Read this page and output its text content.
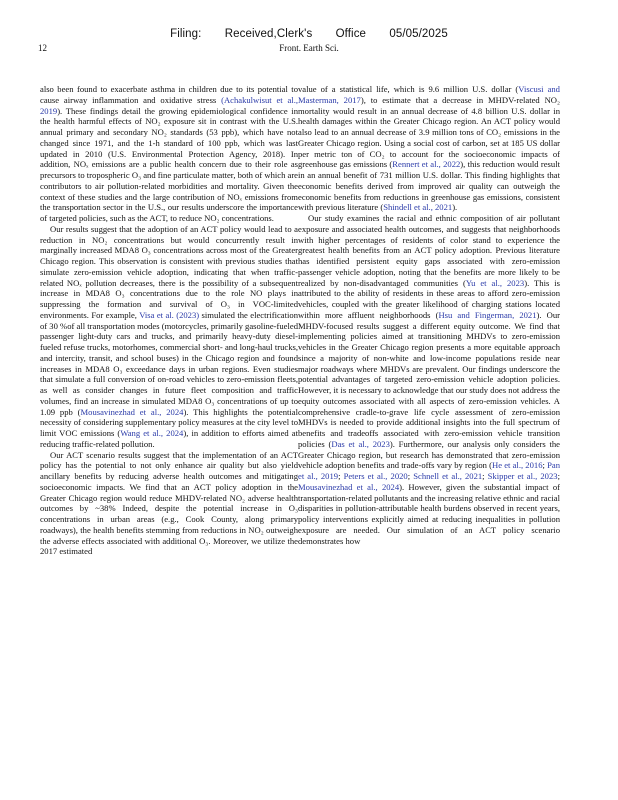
Filing: Received,Clerk's Office 05/05/2025
12	Front. Earth Sci.

also been found to exacerbate asthma in children due to its potential to cause airway inflammation and oxidative stress (Achakulwisut et al., 2019). These findings detail the growing epidemiological confidence in the health harmful effects of NO₂ exposure sit in contrast with the U.S. annual primary and secondary NO₂ standards (53 ppb), which have not changed since 1971, and the 1-h standard of 100 ppb, which was last updated in 2010 (U.S. Environmental Protection Agency, 2018). In addition, NOₓ emissions are a public health concern due to their role as precursors to tropospheric O₃ and fine particulate matter, both of which are contributors to air pollution-related morbidities and mortality. Given the context of these studies and the large contribution of NOₓ emissions from the transportation sector in the U.S., our results underscore the importance of targeted policies, such as the ACT, to reduce NO₂ concentrations.

Our results suggest that the adoption of an ACT policy would lead to a reduction in NO₂ concentrations but would concurrently result in marginally increased MDA8 O₃ concentrations across most of the Greater Chicago region. This observation is consistent with previous studies that simulate zero-emission vehicle adoption, indicating that when traffic-related NOₓ pollution decreases, there is the possibility of a subsequent increase in MDA8 O₃ concentrations due to the role NO plays in suppressing the formation and survival of O₃ in VOC-limited environments. For example, Visa et al. (2023) simulated the electrification of 30 %of all transportation modes (motorcycles, primarily gasoline-fueled passenger light-duty cars and trucks, and primarily heavy-duty diesel-fueled refuse trucks, motorhomes, commercial short- and long-haul trucks, and intercity, transit, and school buses) in the Chicago region and found increases in MDA8 O₃ exceedance days in urban regions. Even studies that simulate a full conversion of on-road vehicles to zero-emission fleets, as well as consider changes in future fleet composition and traffic volumes, find an increase in simulated MDA8 O₃ concentrations of up to 1.09 ppb (Mousavinezhad et al., 2024). This highlights the potential necessity of considering supplementary policy measures at the city level to limit VOC emissions (Wang et al., 2024), in addition to efforts aimed at reducing traffic-related pollution.

Our ACT scenario results suggest that the implementation of an ACT policy has the potential to not only enhance air quality but also yield ancillary benefits by reducing adverse health outcomes and mitigating socioeconomic impacts. We find that an ACT policy adoption in the Greater Chicago region would reduce MHDV-related NO₂ adverse health outcomes by ~38% Indeed, despite the potential increase in O₃ concentrations in urban areas (e.g., Cook County, along primary roadways), the health benefits stemming from reductions in NO₂ outweigh the adverse effects associated with additional O₃. Moreover, we utilize the 2017 estimated

value of a statistical life, which is 9.6 million U.S. dollar (Viscusi and Masterman, 2017), to estimate that a decrease in MHDV-related NO₂ mortality would result in an annual decrease of 4.8 billion U.S. dollar in health damages within the Greater Chicago region. An ACT policy would also lead to an annual decrease of 3.9 million tons of CO₂ emissions in the Greater Chicago region. Using a social cost of carbon, set at 185 US dollar per metric ton of CO₂ to account for the socioeconomic impacts of greenhouse gas emissions (Rennert et al., 2022), this reduction would result in an annual benefit of 731 million U.S. dollar. This finding highlights that economic benefits derived from improved air quality can outweigh the economic benefits from reductions in greenhouse gas emissions, consistent with previous literature (Shindell et al., 2021).

Our study examines the racial and ethnic composition of air pollutant exposure and associated health outcomes, and suggests that neighborhoods with higher percentages of residents of color stand to experience the greatest health benefits from an ACT policy adoption. Previous literature has identified persistent equity gaps associated with zero-emission passenger vehicle adoption, noting that the benefits are more likely to be realized by non-disadvantaged communities (Yu et al., 2023). This is attributed to the ability of residents in these areas to afford zero-emission vehicles, coupled with the greater likelihood of charging stations located within more affluent neighborhoods (Hsu and Fingerman, 2021). Our MHDV-focused results suggest a different equity outcome. We find that implementing policies aimed at transitioning MHDVs to zero-emission vehicles in the Greater Chicago region presents a more equitable approach since a majority of non-white and low-income populations reside near major roadways where MHDVs are prevalent. Our findings underscore the potential advantages of targeted zero-emission vehicle adoption policies. However, it is necessary to acknowledge that our study does not address the equity outcomes associated with all aspects of zero-emission vehicles. A comprehensive cradle-to-grave life cycle assessment of zero-emission MHDVs is needed to provide additional insights into the full spectrum of benefits and tradeoffs associated with zero-emission vehicle transition policies (Das et al., 2023). Furthermore, our analysis only considers the Greater Chicago region, but research has demonstrated that zero-emission vehicle adoption benefits and trade-offs vary by region (He et al., 2016; Pan et al., 2019; Peters et al., 2020; Schnell et al., 2021; Skipper et al., 2023; Mousavinezhad et al., 2024). However, given the substantial impact of transportation-related pollutants and the increasing relative ethnic and racial disparities in pollution-attributable health burdens observed in recent years, policy interventions explicitly aimed at reducing inequalities in pollution exposure are needed. Our simulation of an ACT policy scenario demonstrates how
